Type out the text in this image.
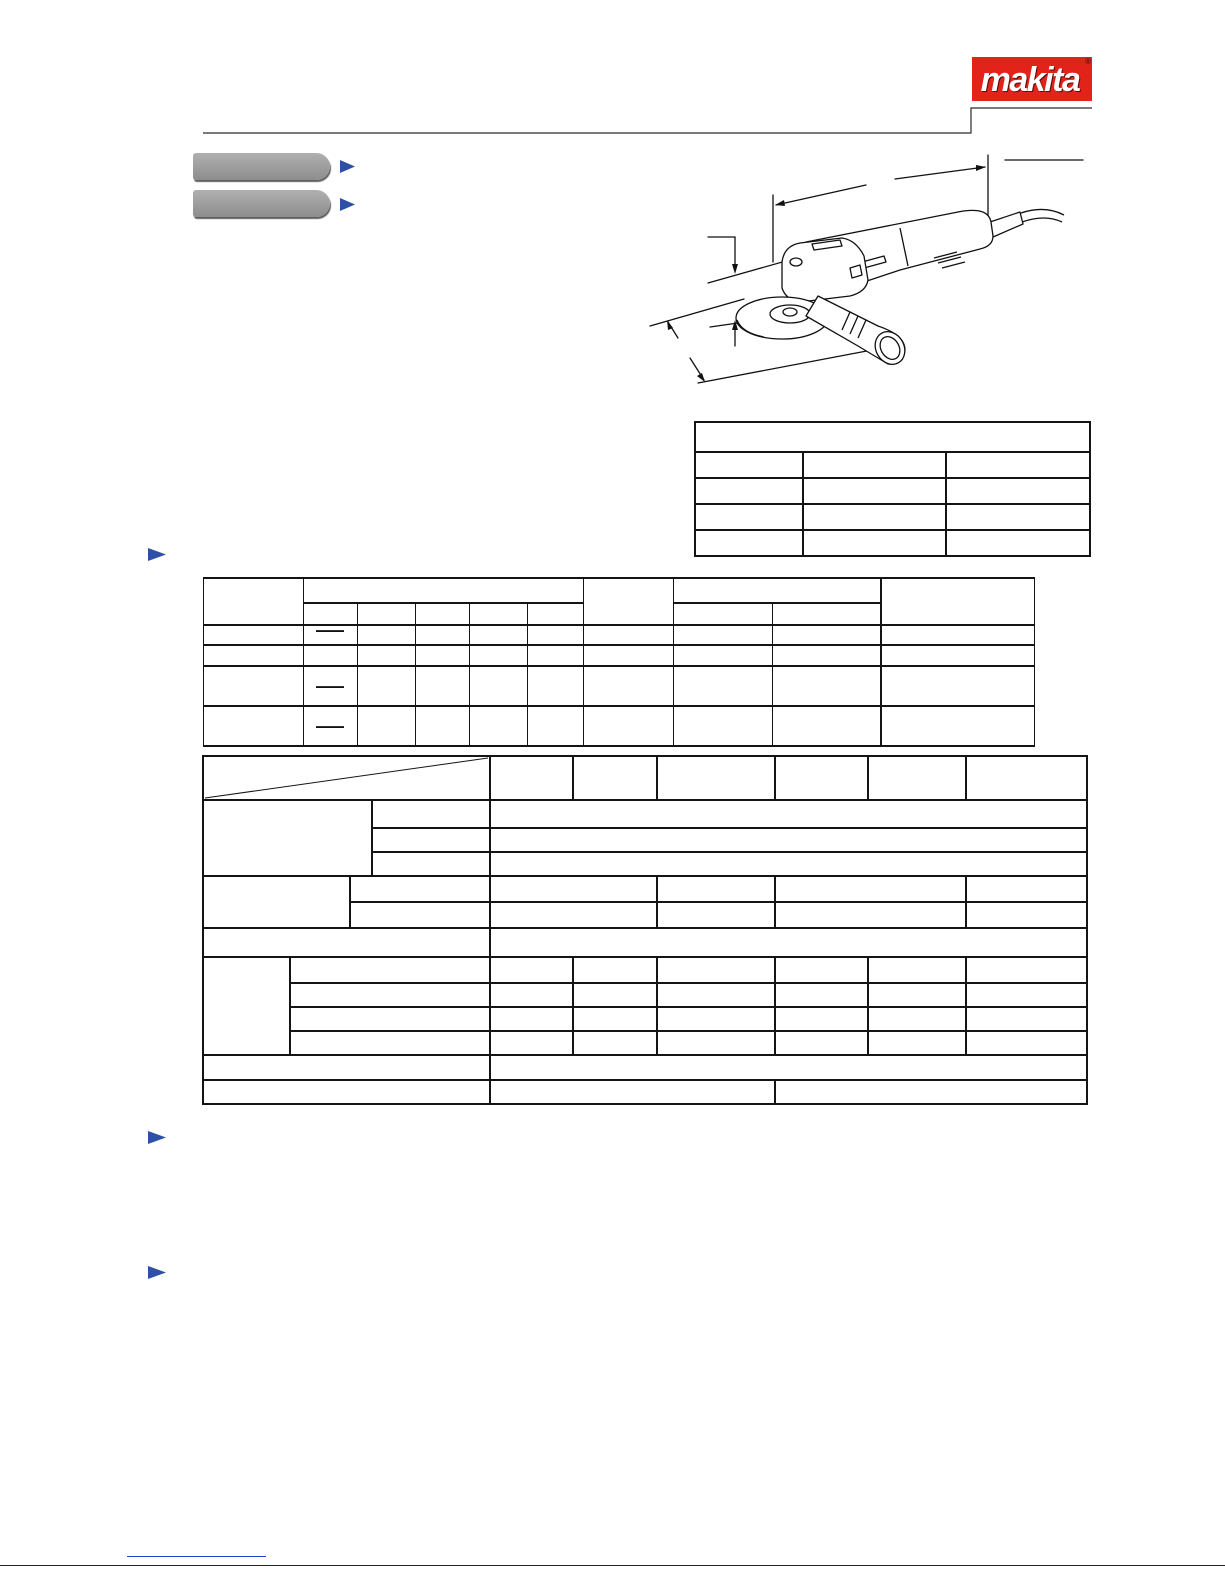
makita ®
—
—
—
